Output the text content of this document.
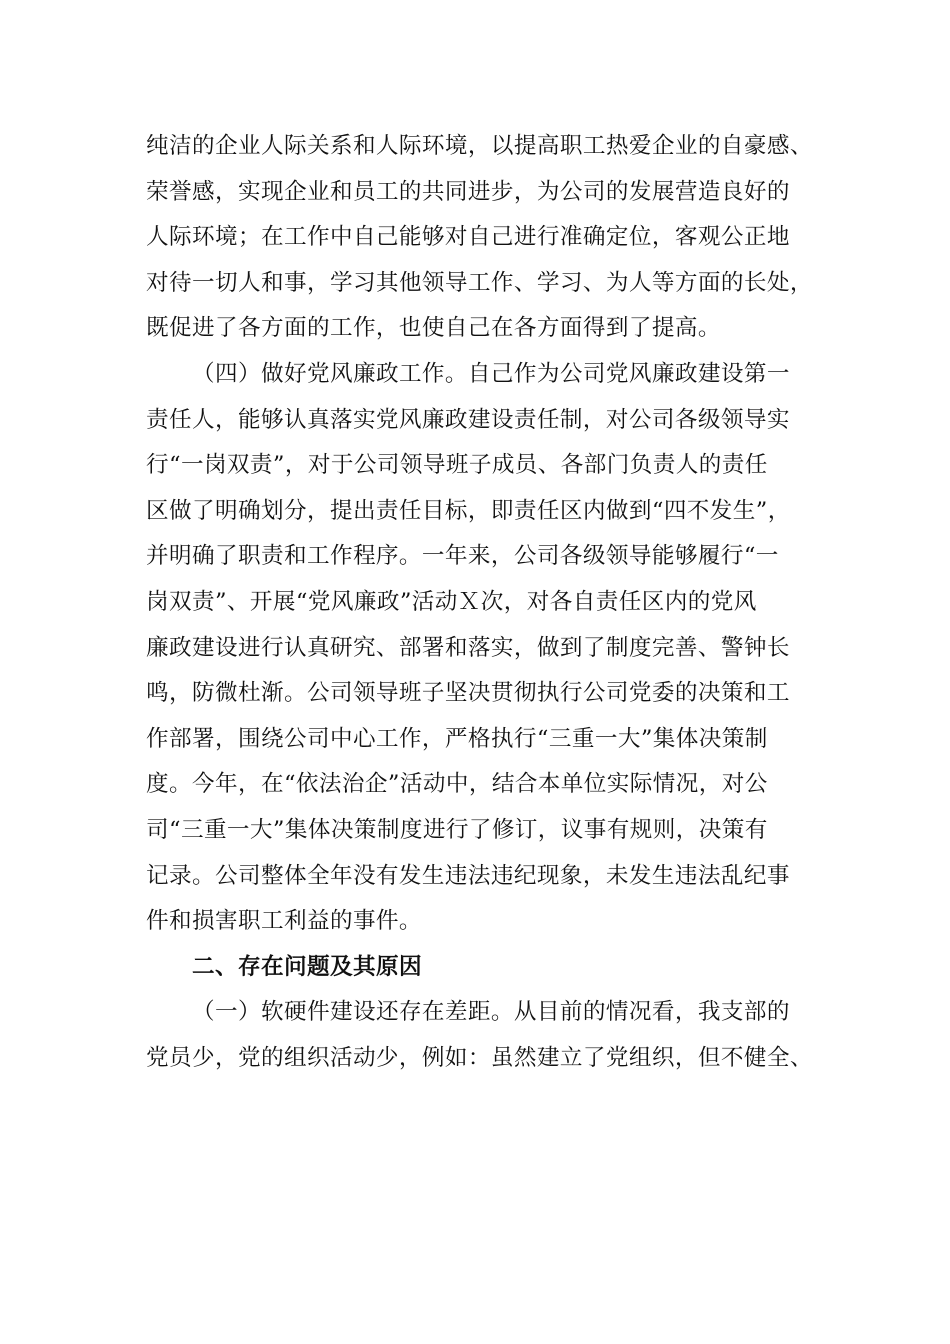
纯洁的企业人际关系和人际环境，以提高职工热爱企业的自豪感、
荣誉感，实现企业和员工的共同进步，为公司的发展营造良好的
人际环境；在工作中自己能够对自己进行准确定位，客观公正地
对待一切人和事，学习其他领导工作、学习、为人等方面的长处，
既促进了各方面的工作，也使自己在各方面得到了提高。
（四）做好党风廉政工作。自己作为公司党风廉政建设第一
责任人，能够认真落实党风廉政建设责任制，对公司各级领导实
行“一岗双责”，对于公司领导班子成员、各部门负责人的责任
区做了明确划分，提出责任目标，即责任区内做到“四不发生”，
并明确了职责和工作程序。一年来，公司各级领导能够履行“一
岗双责”、开展“党风廉政”活动Ｘ次，对各自责任区内的党风
廉政建设进行认真研究、部署和落实，做到了制度完善、警钟长
鸣，防微杜渐。公司领导班子坚决贯彻执行公司党委的决策和工
作部署，围绕公司中心工作，严格执行“三重一大”集体决策制
度。今年，在“依法治企”活动中，结合本单位实际情况，对公
司“三重一大”集体决策制度进行了修订，议事有规则，决策有
记录。公司整体全年没有发生违法违纪现象，未发生违法乱纪事
件和损害职工利益的事件。
二、存在问题及其原因
（一）软硬件建设还存在差距。从目前的情况看，我支部的
党员少，党的组织活动少，例如：虽然建立了党组织，但不健全、
